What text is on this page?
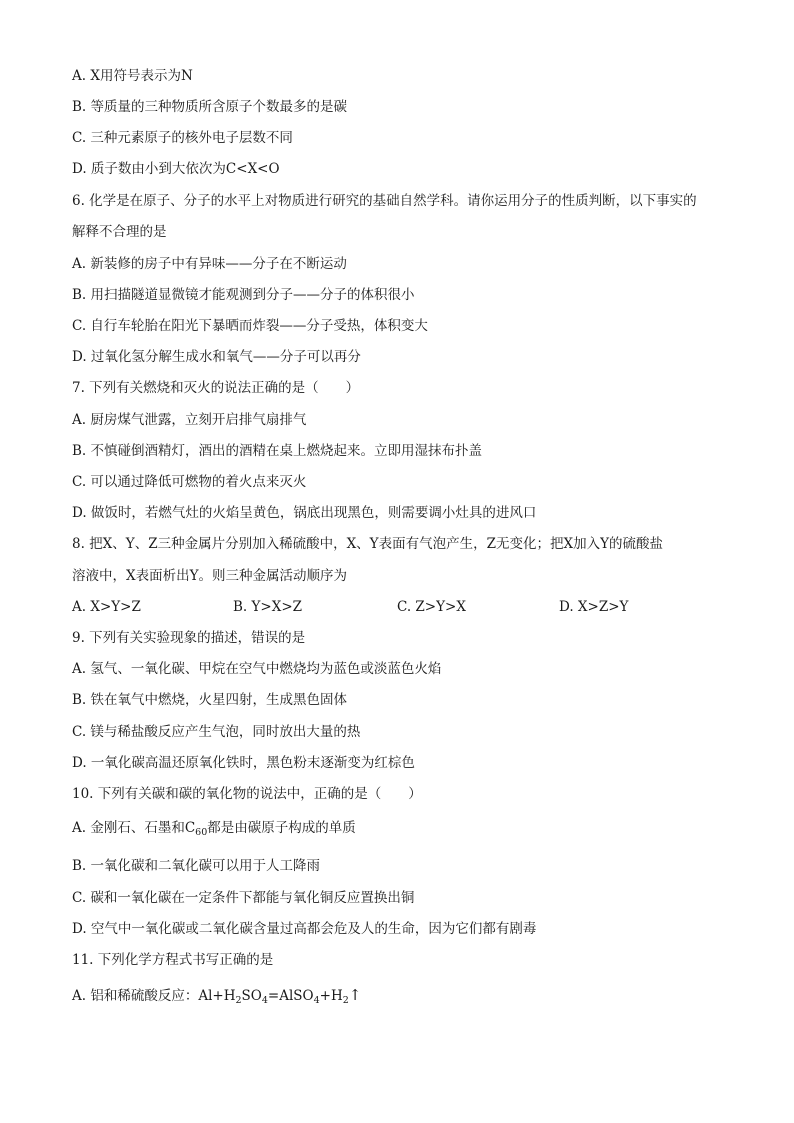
A. X用符号表示为N
B. 等质量的三种物质所含原子个数最多的是碳
C. 三种元素原子的核外电子层数不同
D. 质子数由小到大依次为C<X<O
6. 化学是在原子、分子的水平上对物质进行研究的基础自然学科。请你运用分子的性质判断，以下事实的
解释不合理的是
A. 新装修的房子中有异味——分子在不断运动
B. 用扫描隧道显微镜才能观测到分子——分子的体积很小
C. 自行车轮胎在阳光下暴晒而炸裂——分子受热，体积变大
D. 过氧化氢分解生成水和氧气——分子可以再分
7. 下列有关燃烧和灭火的说法正确的是（　　）
A. 厨房煤气泄露，立刻开启排气扇排气
B. 不慎碰倒酒精灯，酒出的酒精在桌上燃烧起来。立即用湿抹布扑盖
C. 可以通过降低可燃物的着火点来灭火
D. 做饭时，若燃气灶的火焰呈黄色，锅底出现黑色，则需要调小灶具的进风口
8. 把X、Y、Z三种金属片分别加入稀硫酸中，X、Y表面有气泡产生，Z无变化；把X加入Y的硫酸盐
溶液中，X表面析出Y。则三种金属活动顺序为
A. X>Y>Z	B. Y>X>Z	C. Z>Y>X	D. X>Z>Y
9. 下列有关实验现象的描述，错误的是
A. 氢气、一氧化碳、甲烷在空气中燃烧均为蓝色或淡蓝色火焰
B. 铁在氧气中燃烧，火星四射，生成黑色固体
C. 镁与稀盐酸反应产生气泡，同时放出大量的热
D. 一氧化碳高温还原氧化铁时，黑色粉末逐渐变为红棕色
10. 下列有关碳和碳的氧化物的说法中，正确的是（　　）
A. 金刚石、石墨和$C_{60}$都是由碳原子构成的单质
B. 一氧化碳和二氧化碳可以用于人工降雨
C. 碳和一氧化碳在一定条件下都能与氧化铜反应置换出铜
D. 空气中一氧化碳或二氧化碳含量过高都会危及人的生命，因为它们都有剧毒
11. 下列化学方程式书写正确的是
A. 铝和稀硫酸反应：$Al+H_2SO_4=AlSO_4+H_2↑$
